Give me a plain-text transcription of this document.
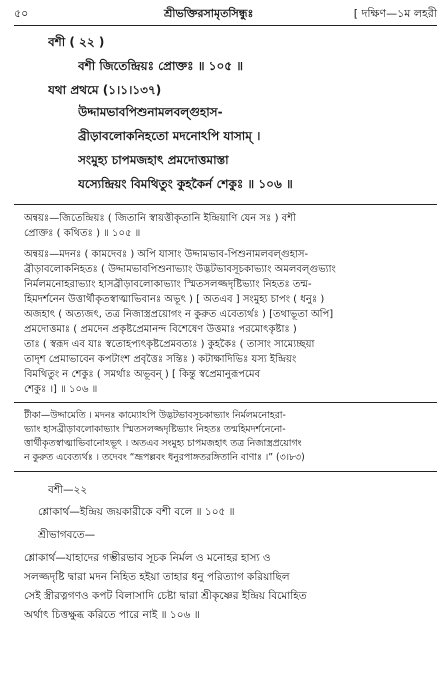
৫০	শ্রীভক্তিরসামৃতসিন্ধুঃ	[ দক্ষিণ—১ম লহরী
বশী ( ২২ )
বশী জিতেন্দ্রিয়ঃ প্রোক্তঃ ॥ ১০৫ ॥
যথা প্রথমে (১।১।১৩৭)
উদ্দামভাবপিশুনামলবল্গুহাস-
ব্রীড়াবলোকনিহতো মদনোঽপি যাসাম্ ।
সংমুহ্য চাপমজহাৎ প্রমদোত্তমাস্তা
যস্যেন্দ্রিয়ং বিমথিতুং কুহকৈর্ন শেকুঃ ॥ ১০৬ ॥
অন্বয়ঃ—জিতেন্দ্রিয়ঃ ( জিতানি স্বায়ত্তীকৃতানি ইন্দ্রিয়াণি যেন সঃ ) বশী
প্রোক্তঃ ( কথিতঃ ) ॥ ১০৫ ॥
অন্বয়ঃ—মদনঃ ( কামদেবঃ ) অপি যাসাং উদ্দামভাব-পিশুনামলবল্গুহাস-
ব্রীড়াবলোকনিহতঃ ( উদ্দামভাবপিশুনাভ্যাং উদ্ভটভাবসূচকাভ্যাং অমলবল্গুভ্যাং
নির্মলমনোহরাভ্যাং হাসব্রীড়াবলোকাভ্যাং স্মিতসলজ্জদৃষ্টিভ্যাং নিহতঃ তন্ম-
হিমদর্শনেন উত্তার্থীকৃতস্বাত্মাভিবানঃ অভূৎ ) [ অতএব ] সংমুহ্য চাপং ( ধনুঃ )
অজহাৎ ( অত্যজৎ, তত্র নিজাস্ত্রপ্রয়োগং ন কুরুত এবেত্যর্থঃ ) [তথাভূতা অপি]
প্রমদোত্তমাঃ ( প্রমদেন প্রকৃষ্টপ্রেমানন্দ বিশেষেণ উত্তমাঃ পরমোৎকৃষ্টাঃ )
তাঃ ( স্বরূদ এব যাঃ স্বতোহপ্যৎকৃষ্টপ্রেমবত্যঃ ) কুহকৈঃ ( তাসাং সাম্যেচ্ছয়া
তাদৃশ প্রেমাভাবেন কপটাংশ প্রবৃত্তৈঃ সন্তিঃ ) কটাক্ষাদিভিঃ যস্য ইন্দ্রিয়ং
বিমথিতুং ন শেকুঃ ( সমর্থাঃ অভূবন্ ) [ কিন্তু স্বপ্রেমানুরূপমেব
শেকুঃ ।] ॥ ১০৬ ॥
টীকা—উদ্দামেতি । মদনঃ কাম্যোঽপি উদ্ভটভাবসূচকাভ্যাং নির্মলমনোহরা-
ভ্যাং হাসব্রীড়াবলোকাভ্যাং স্মিতসলজ্জদৃষ্টিভ্যাং নিহতঃ তন্মহিমদর্শনেনো-
ত্তার্থীকৃতস্বাত্মাভিবানোঽভূৎ । অতএব সংমুহ্য চাপমজহাৎ তত্র নিজাস্ত্রপ্রয়োগং
ন কুরুত এবেত্যর্থঃ । তদেবং “ভ্রূপল্লবং ধনুরপাঙ্গতরঙ্গিতানি বাণাঃ ।” (৩।৮৩)
বশী—২২
শ্লোকার্থ—ইন্দ্রিয় জয়কারীকে বশী বলে ॥ ১০৫ ॥
শ্রীভাগবতে—
শ্লোকার্থ—যাহাদের গম্ভীরভাব সূচক নির্মল ও মনোহর হাস্য ও
সলজ্জদৃষ্টি দ্বারা মদন নিহিত হইয়া তাহার ধনু পরিত্যাগ করিয়াছিল
সেই স্ত্রীরত্নগণও কপট বিলাসাদি চেষ্টা দ্বারা শ্রীকৃষ্ণের ইন্দ্রিয় বিমোহিত
অর্থাৎ চিত্তক্ষুব্ধ করিতে পারে নাই ॥ ১০৬ ॥
